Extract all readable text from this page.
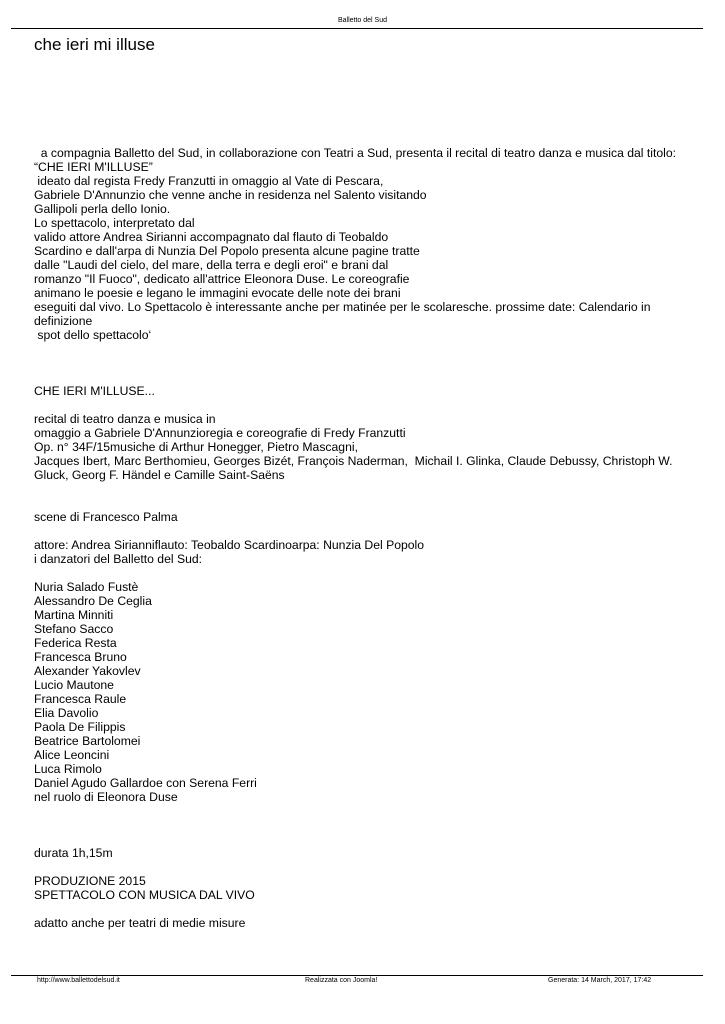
Balletto del Sud
che ieri mi illuse
a compagnia Balletto del Sud, in collaborazione con Teatri a Sud, presenta il recital di teatro danza e musica dal titolo:
“CHE IERI M'ILLUSE”
ideato dal regista Fredy Franzutti in omaggio al Vate di Pescara,
Gabriele D'Annunzio che venne anche in residenza nel Salento visitando
Gallipoli perla dello Ionio.
Lo spettacolo, interpretato dal
valido attore Andrea Sirianni accompagnato dal flauto di Teobaldo
Scardino e dall'arpa di Nunzia Del Popolo presenta alcune pagine tratte
dalle "Laudi del cielo, del mare, della terra e degli eroi" e brani dal
romanzo "Il Fuoco", dedicato all'attrice Eleonora Duse. Le coreografie
animano le poesie e legano le immagini evocate delle note dei brani
eseguiti dal vivo. Lo Spettacolo è interessante anche per matinée per le scolaresche. prossime date: Calendario in
definizione
spot dello spettacolo‘
CHE IERI M'ILLUSE...
recital di teatro danza e musica in
omaggio a Gabriele D'Annunzioregia e coreografie di Fredy Franzutti
Op. n° 34F/15musiche di Arthur Honegger, Pietro Mascagni,
Jacques Ibert, Marc Berthomieu, Georges Bizét, François Naderman,  Michail I. Glinka, Claude Debussy, Christoph W.
Gluck, Georg F. Händel e Camille Saint-Saëns
scene di Francesco Palma
attore: Andrea Sirianniflauto: Teobaldo Scardinoarpa: Nunzia Del Popolo
i danzatori del Balletto del Sud:
Nuria Salado Fustè
Alessandro De Ceglia
Martina Minniti
Stefano Sacco
Federica Resta
Francesca Bruno
Alexander Yakovlev
Lucio Mautone
Francesca Raule
Elia Davolio
Paola De Filippis
Beatrice Bartolomei
Alice Leoncini
Luca Rimolo
Daniel Agudo Gallardoe con Serena Ferri
nel ruolo di Eleonora Duse
durata 1h,15m
PRODUZIONE 2015
SPETTACOLO CON MUSICA DAL VIVO
adatto anche per teatri di medie misure
http://www.ballettodelsud.it	Realizzata con Joomla!	Generata: 14 March, 2017, 17:42
